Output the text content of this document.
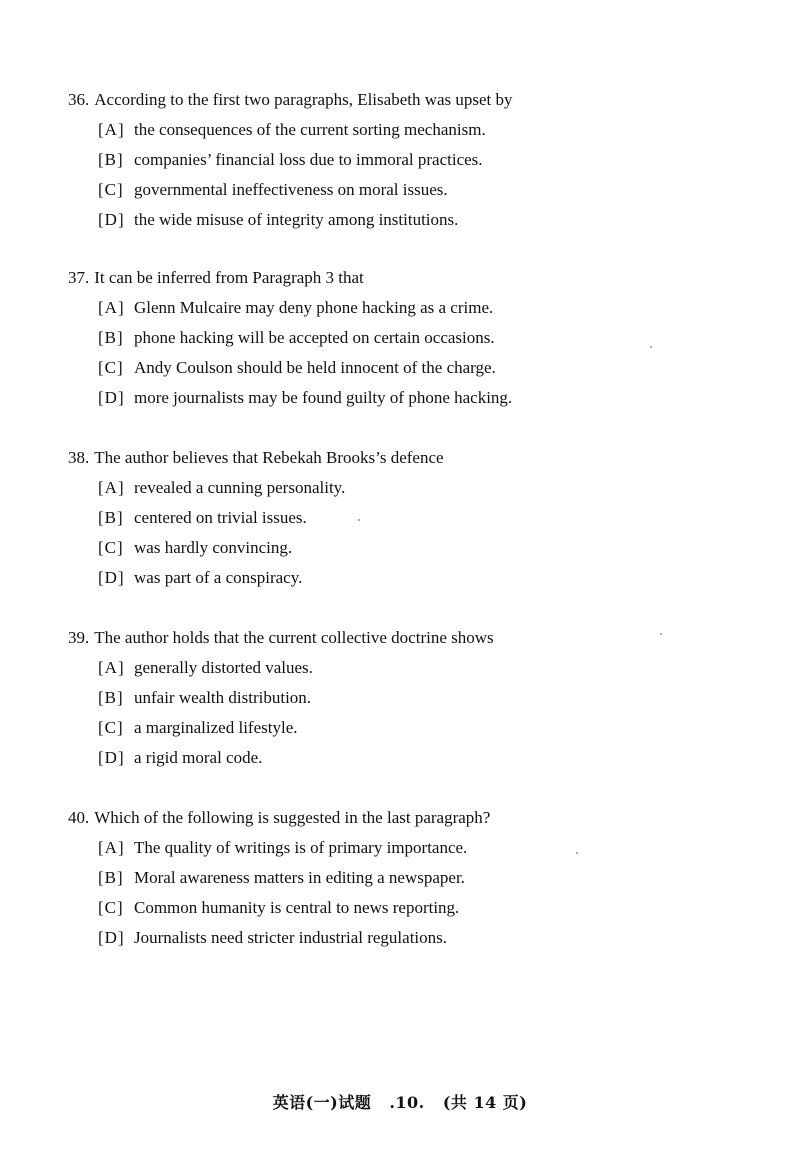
36. According to the first two paragraphs, Elisabeth was upset by
[A] the consequences of the current sorting mechanism.
[B] companies’ financial loss due to immoral practices.
[C] governmental ineffectiveness on moral issues.
[D] the wide misuse of integrity among institutions.
37. It can be inferred from Paragraph 3 that
[A] Glenn Mulcaire may deny phone hacking as a crime.
[B] phone hacking will be accepted on certain occasions.
[C] Andy Coulson should be held innocent of the charge.
[D] more journalists may be found guilty of phone hacking.
38. The author believes that Rebekah Brooks’s defence
[A] revealed a cunning personality.
[B] centered on trivial issues.
[C] was hardly convincing.
[D] was part of a conspiracy.
39. The author holds that the current collective doctrine shows
[A] generally distorted values.
[B] unfair wealth distribution.
[C] a marginalized lifestyle.
[D] a rigid moral code.
40. Which of the following is suggested in the last paragraph?
[A] The quality of writings is of primary importance.
[B] Moral awareness matters in editing a newspaper.
[C] Common humanity is central to news reporting.
[D] Journalists need stricter industrial regulations.
英语(一)试题 .10. (共 14 页)
